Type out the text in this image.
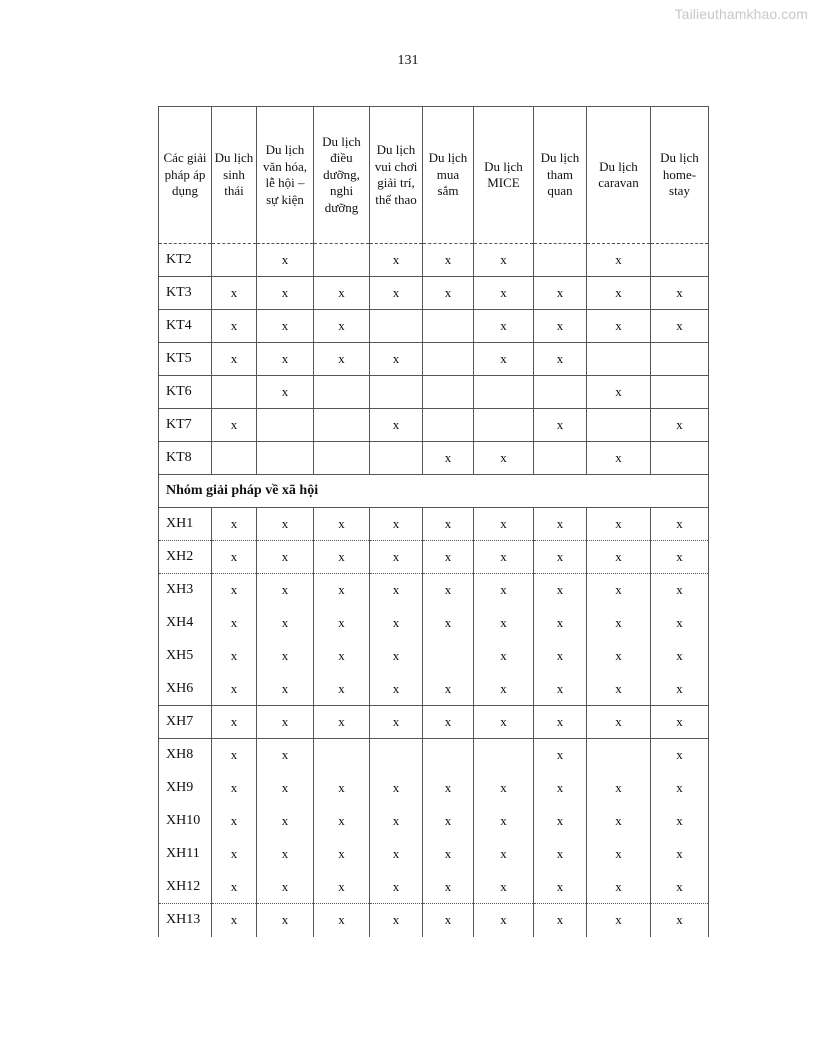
Tailieuthamkhao.com
131
Các giải pháp áp dụng	Du lịch sinh thái	Du lịch văn hóa, lễ hội – sự kiện	Du lịch điều dưỡng, nghi dưỡng	Du lịch vui chơi giải trí, thể thao	Du lịch mua sắm	Du lịch MICE	Du lịch tham quan	Du lịch caravan	Du lịch home-stay
KT2		x		x	x	x		x	
KT3	x	x	x	x	x	x	x	x	x
KT4	x	x	x			x	x	x	x
KT5	x	x	x	x		x	x		
KT6		x						x	
KT7	x			x			x		x
KT8					x	x		x	
Nhóm giải pháp về xã hội									
XH1	x	x	x	x	x	x	x	x	x
XH2	x	x	x	x	x	x	x	x	x
XH3	x	x	x	x	x	x	x	x	x
XH4	x	x	x	x	x	x	x	x	x
XH5	x	x	x	x		x	x	x	x
XH6	x	x	x	x	x	x	x	x	x
XH7	x	x	x	x	x	x	x	x	x
XH8	x	x					x		x
XH9	x	x	x	x	x	x	x	x	x
XH10	x	x	x	x	x	x	x	x	x
XH11	x	x	x	x	x	x	x	x	x
XH12	x	x	x	x	x	x	x	x	x
XH13	x	x	x	x	x	x	x	x	x
